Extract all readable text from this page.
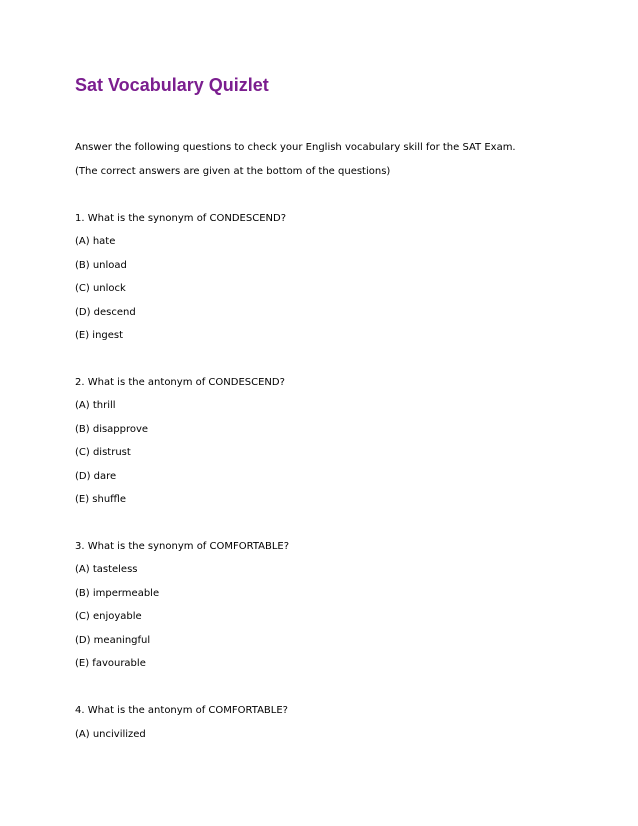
Sat Vocabulary Quizlet

Answer the following questions to check your English vocabulary skill for the SAT Exam.

(The correct answers are given at the bottom of the questions)

1. What is the synonym of CONDESCEND?

(A) hate

(B) unload

(C) unlock

(D) descend

(E) ingest

2. What is the antonym of CONDESCEND?

(A) thrill

(B) disapprove

(C) distrust

(D) dare

(E) shuffle

3. What is the synonym of COMFORTABLE?

(A) tasteless

(B) impermeable

(C) enjoyable

(D) meaningful

(E) favourable

4. What is the antonym of COMFORTABLE?

(A) uncivilized
